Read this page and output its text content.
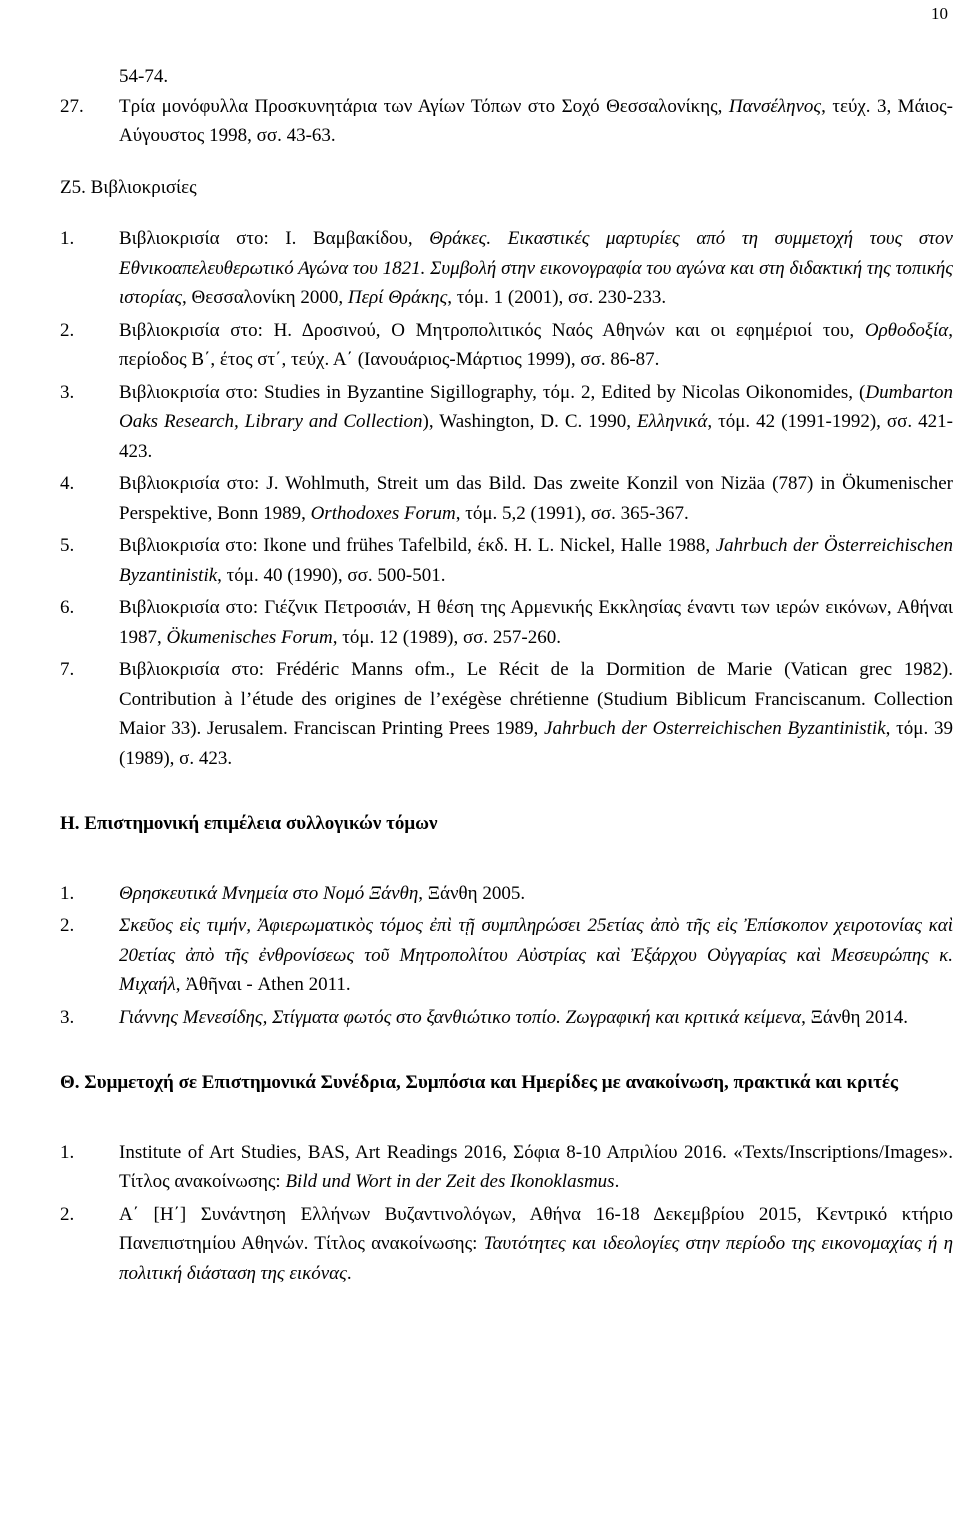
10
54-74.
27. Τρία μονόφυλλα Προσκυνητάρια των Αγίων Τόπων στο Σοχό Θεσσαλονίκης, Πανσέληνος, τεύχ. 3, Μάιος-Αύγουστος 1998, σσ. 43-63.
Ζ5. Βιβλιοκρισίες
1. Βιβλιοκρισία στο: Ι. Βαμβακίδου, Θράκες. Εικαστικές μαρτυρίες από τη συμμετοχή τους στον Εθνικοαπελευθερωτικό Αγώνα του 1821. Συμβολή στην εικονογραφία του αγώνα και στη διδακτική της τοπικής ιστορίας, Θεσσαλονίκη 2000, Περί Θράκης, τόμ. 1 (2001), σσ. 230-233.
2. Βιβλιοκρισία στο: Η. Δροσινού, Ο Μητροπολιτικός Ναός Αθηνών και οι εφημέριοί του, Ορθοδοξία, περίοδος Β΄, έτος στ΄, τεύχ. Α΄ (Ιανουάριος-Μάρτιος 1999), σσ. 86-87.
3. Βιβλιοκρισία στο: Studies in Byzantine Sigillography, τόμ. 2, Edited by Nicolas Oikonomides, (Dumbarton Oaks Research, Library and Collection), Washington, D. C. 1990, Ελληνικά, τόμ. 42 (1991-1992), σσ. 421-423.
4. Βιβλιοκρισία στο: J. Wohlmuth, Streit um das Bild. Das zweite Konzil von Nizäa (787) in Ökumenischer Perspektive, Bonn 1989, Orthodoxes Forum, τόμ. 5,2 (1991), σσ. 365-367.
5. Βιβλιοκρισία στο: Ikone und frühes Tafelbild, έκδ. H. L. Nickel, Halle 1988, Jahrbuch der Österreichischen Byzantinistik, τόμ. 40 (1990), σσ. 500-501.
6. Βιβλιοκρισία στο: Γιέζνικ Πετροσιάν, Η θέση της Αρμενικής Εκκλησίας έναντι των ιερών εικόνων, Αθήναι 1987, Ökumenisches Forum, τόμ. 12 (1989), σσ. 257-260.
7. Βιβλιοκρισία στο: Frédéric Manns ofm., Le Récit de la Dormition de Marie (Vatican grec 1982). Contribution à l’étude des origines de l’exégèse chrétienne (Studium Biblicum Franciscanum. Collection Maior 33). Jerusalem. Franciscan Printing Prees 1989, Jahrbuch der Osterreichischen Byzantinistik, τόμ. 39 (1989), σ. 423.
Η. Επιστημονική επιμέλεια συλλογικών τόμων
1. Θρησκευτικά Μνημεία στο Νομό Ξάνθη, Ξάνθη 2005.
2. Σκεῦος εἰς τιμήν, Ἀφιερωματικὸς τόμος ἐπὶ τῇ συμπληρώσει 25ετίας ἀπὸ τῆς εἰς Ἐπίσκοπον χειροτονίας καὶ 20ετίας ἀπὸ τῆς ἐνθρονίσεως τοῦ Μητροπολίτου Αὐστρίας καὶ Ἐξάρχου Οὐγγαρίας καὶ Μεσευρώπης κ. Μιχαήλ, Ἀθῆναι - Athen 2011.
3. Γιάννης Μενεσίδης, Στίγματα φωτός στο ξανθιώτικο τοπίο. Ζωγραφική και κριτικά κείμενα, Ξάνθη 2014.
Θ. Συμμετοχή σε Επιστημονικά Συνέδρια, Συμπόσια και Ημερίδες με ανακοίνωση, πρακτικά και κριτές
1. Institute of Art Studies, BAS, Art Readings 2016, Σόφια 8-10 Απριλίου 2016. «Texts/Inscriptions/Images». Τίτλος ανακοίνωσης: Bild und Wort in der Zeit des Ikonoklasmus.
2. Α΄ [Η΄] Συνάντηση Ελλήνων Βυζαντινολόγων, Αθήνα 16-18 Δεκεμβρίου 2015, Κεντρικό κτήριο Πανεπιστημίου Αθηνών. Τίτλος ανακοίνωσης: Ταυτότητες και ιδεολογίες στην περίοδο της εικονομαχίας ή η πολιτική διάσταση της εικόνας.
